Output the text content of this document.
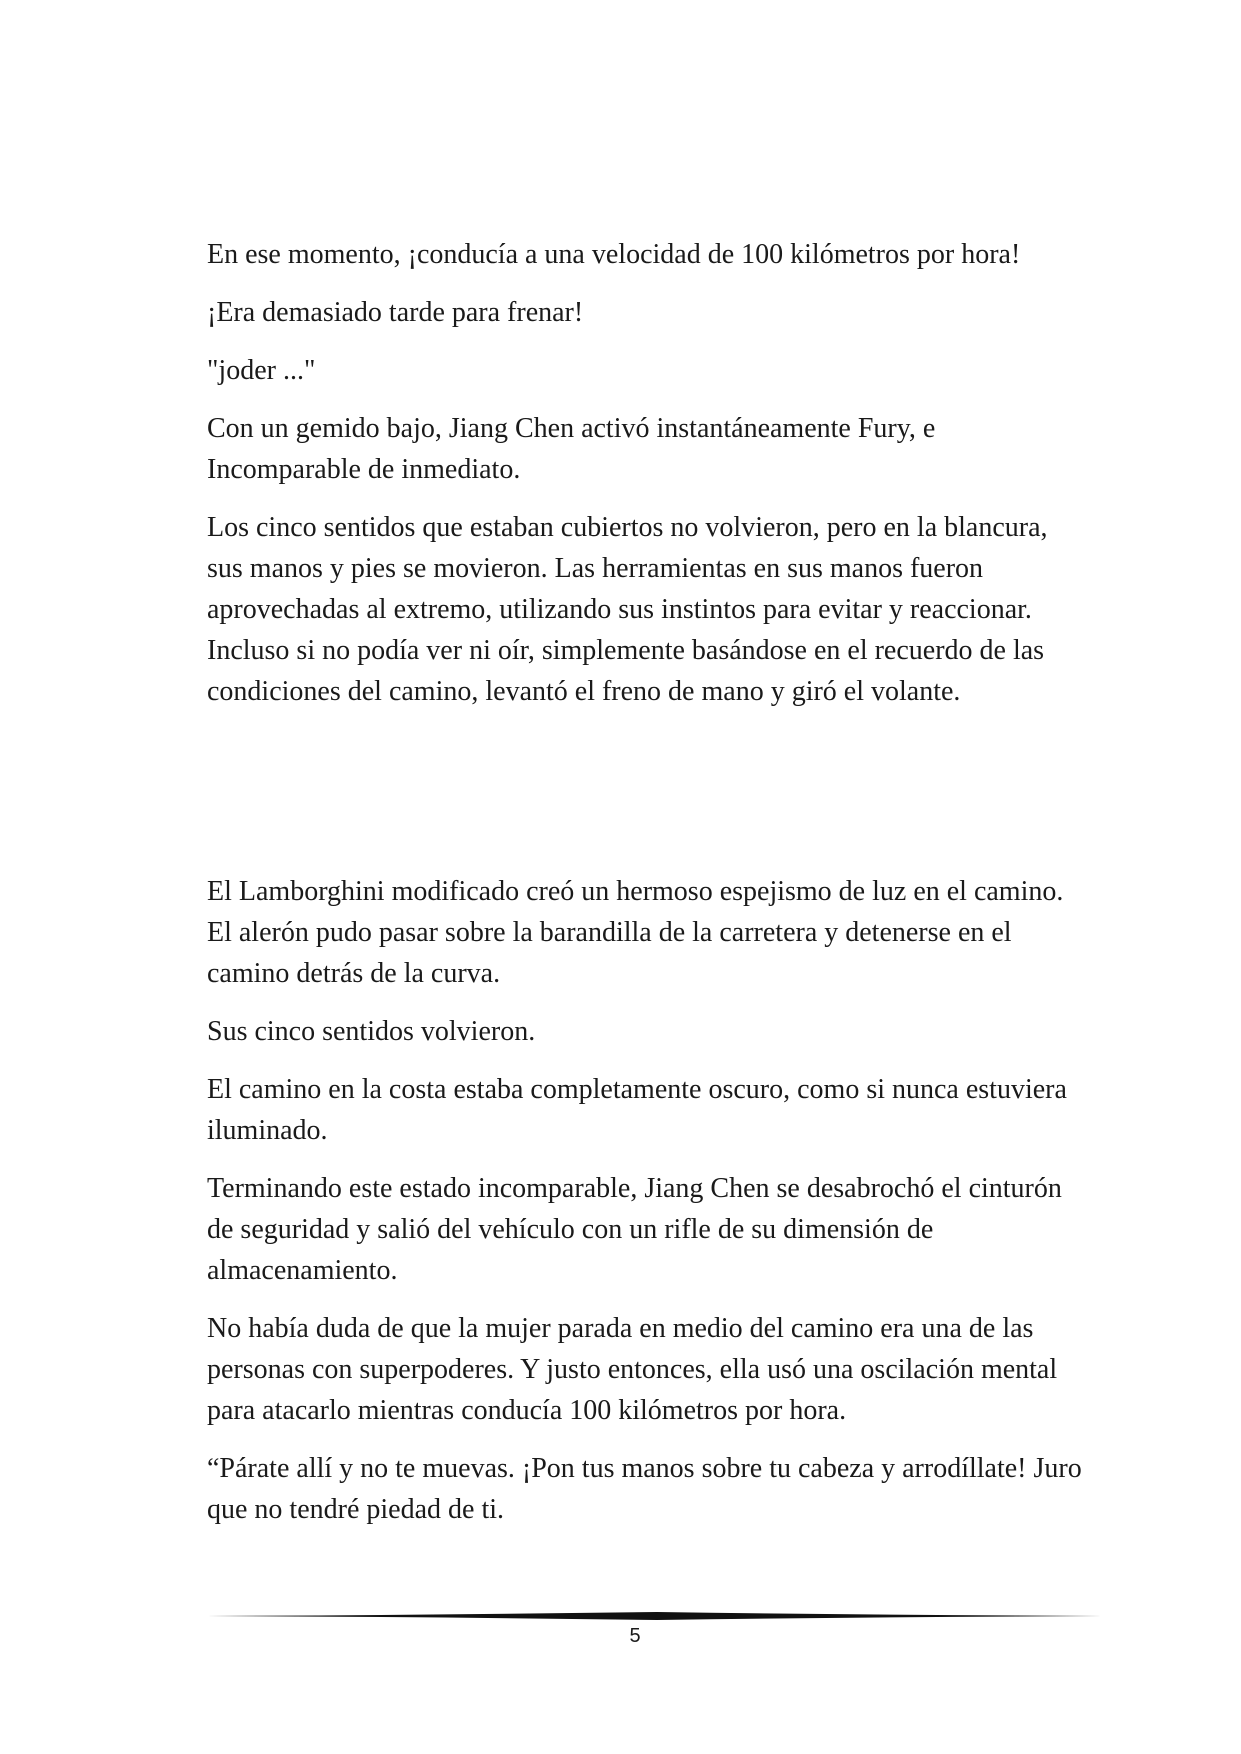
En ese momento, ¡conducía a una velocidad de 100 kilómetros por hora!

¡Era demasiado tarde para frenar!

"joder ..."

Con un gemido bajo, Jiang Chen activó instantáneamente Fury, e Incomparable de inmediato.

Los cinco sentidos que estaban cubiertos no volvieron, pero en la blancura, sus manos y pies se movieron. Las herramientas en sus manos fueron aprovechadas al extremo, utilizando sus instintos para evitar y reaccionar. Incluso si no podía ver ni oír, simplemente basándose en el recuerdo de las condiciones del camino, levantó el freno de mano y giró el volante.

El Lamborghini modificado creó un hermoso espejismo de luz en el camino. El alerón pudo pasar sobre la barandilla de la carretera y detenerse en el camino detrás de la curva.

Sus cinco sentidos volvieron.

El camino en la costa estaba completamente oscuro, como si nunca estuviera iluminado.

Terminando este estado incomparable, Jiang Chen se desabrochó el cinturón de seguridad y salió del vehículo con un rifle de su dimensión de almacenamiento.

No había duda de que la mujer parada en medio del camino era una de las personas con superpoderes. Y justo entonces, ella usó una oscilación mental para atacarlo mientras conducía 100 kilómetros por hora.

“Párate allí y no te muevas. ¡Pon tus manos sobre tu cabeza y arrodíllate! Juro que no tendré piedad de ti.

5
